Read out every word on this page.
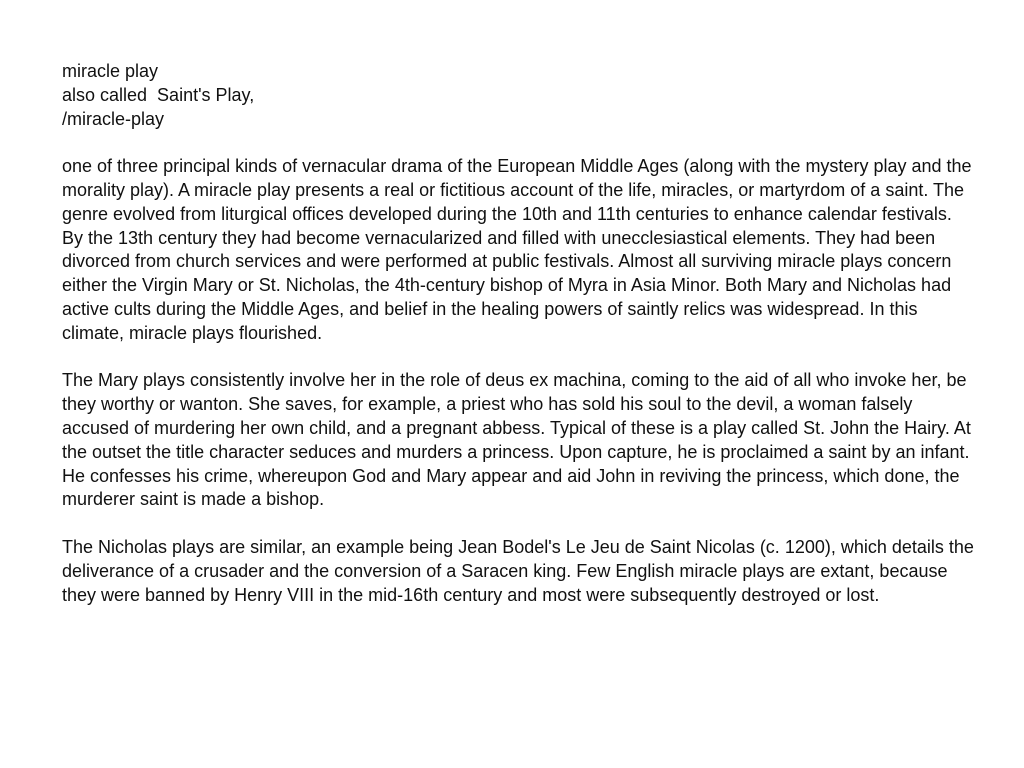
miracle play
also called  Saint's Play,
/miracle-play

one of three principal kinds of vernacular drama of the European Middle Ages (along with the mystery play and the morality play). A miracle play presents a real or fictitious account of the life, miracles, or martyrdom of a saint. The genre evolved from liturgical offices developed during the 10th and 11th centuries to enhance calendar festivals. By the 13th century they had become vernacularized and filled with unecclesiastical elements. They had been divorced from church services and were performed at public festivals. Almost all surviving miracle plays concern either the Virgin Mary or St. Nicholas, the 4th-century bishop of Myra in Asia Minor. Both Mary and Nicholas had active cults during the Middle Ages, and belief in the healing powers of saintly relics was widespread. In this climate, miracle plays flourished.

The Mary plays consistently involve her in the role of deus ex machina, coming to the aid of all who invoke her, be they worthy or wanton. She saves, for example, a priest who has sold his soul to the devil, a woman falsely accused of murdering her own child, and a pregnant abbess. Typical of these is a play called St. John the Hairy. At the outset the title character seduces and murders a princess. Upon capture, he is proclaimed a saint by an infant. He confesses his crime, whereupon God and Mary appear and aid John in reviving the princess, which done, the murderer saint is made a bishop.

The Nicholas plays are similar, an example being Jean Bodel's Le Jeu de Saint Nicolas (c. 1200), which details the deliverance of a crusader and the conversion of a Saracen king. Few English miracle plays are extant, because they were banned by Henry VIII in the mid-16th century and most were subsequently destroyed or lost.
